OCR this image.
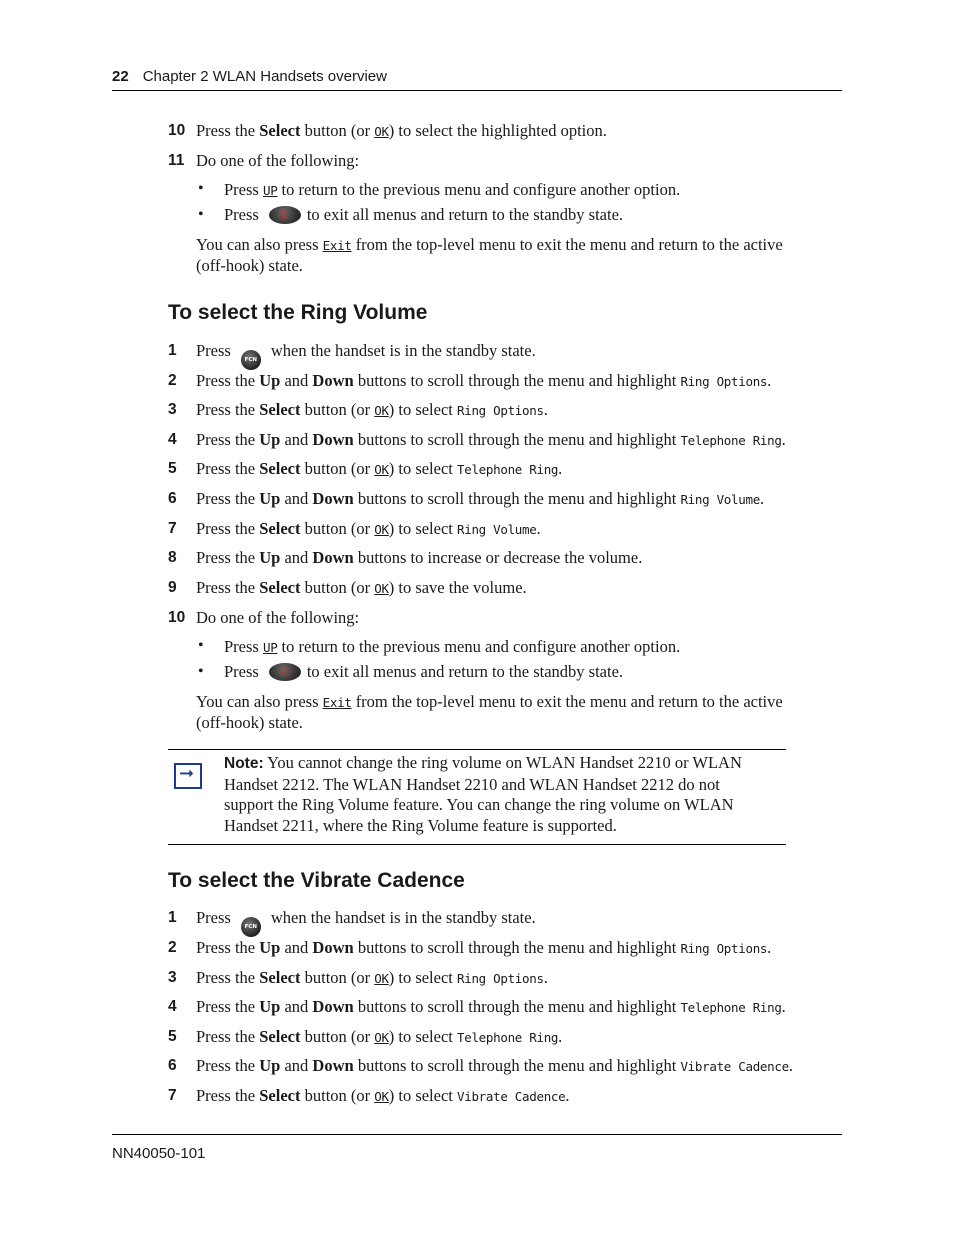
22 Chapter 2 WLAN Handsets overview
10 Press the Select button (or OK) to select the highlighted option.
11 Do one of the following:
• Press UP to return to the previous menu and configure another option.
• Press ✆	to exit all menus and return to the standby state.
You can also press Exit from the top-level menu to exit the menu and return to the active
(off-hook) state.
To select the Ring Volume
1 Press	FCN when the handset is in the standby state.
2 Press the Up and Down buttons to scroll through the menu and highlight Ring Options.
3 Press the Select button (or OK) to select Ring Options.
4 Press the Up and Down buttons to scroll through the menu and highlight Telephone Ring.
5 Press the Select button (or OK) to select Telephone Ring.
6 Press the Up and Down buttons to scroll through the menu and highlight Ring Volume.
7 Press the Select button (or OK) to select Ring Volume.
8 Press the Up and Down buttons to increase or decrease the volume.
9 Press the Select button (or OK) to save the volume.
10 Do one of the following:
• Press UP to return to the previous menu and configure another option.
• Press ✆	to exit all menus and return to the standby state.
You can also press Exit from the top-level menu to exit the menu and return to the active
(off-hook) state.
➞ Note: You cannot change the ring volume on WLAN Handset 2210 or WLAN
Handset 2212. The WLAN Handset 2210 and WLAN Handset 2212 do not
support the Ring Volume feature. You can change the ring volume on WLAN
Handset 2211, where the Ring Volume feature is supported.
To select the Vibrate Cadence
1 Press	FCN when the handset is in the standby state.
2 Press the Up and Down buttons to scroll through the menu and highlight Ring Options.
3 Press the Select button (or OK) to select Ring Options.
4 Press the Up and Down buttons to scroll through the menu and highlight Telephone Ring.
5 Press the Select button (or OK) to select Telephone Ring.
6 Press the Up and Down buttons to scroll through the menu and highlight Vibrate Cadence.
7 Press the Select button (or OK) to select Vibrate Cadence.
NN40050-101
